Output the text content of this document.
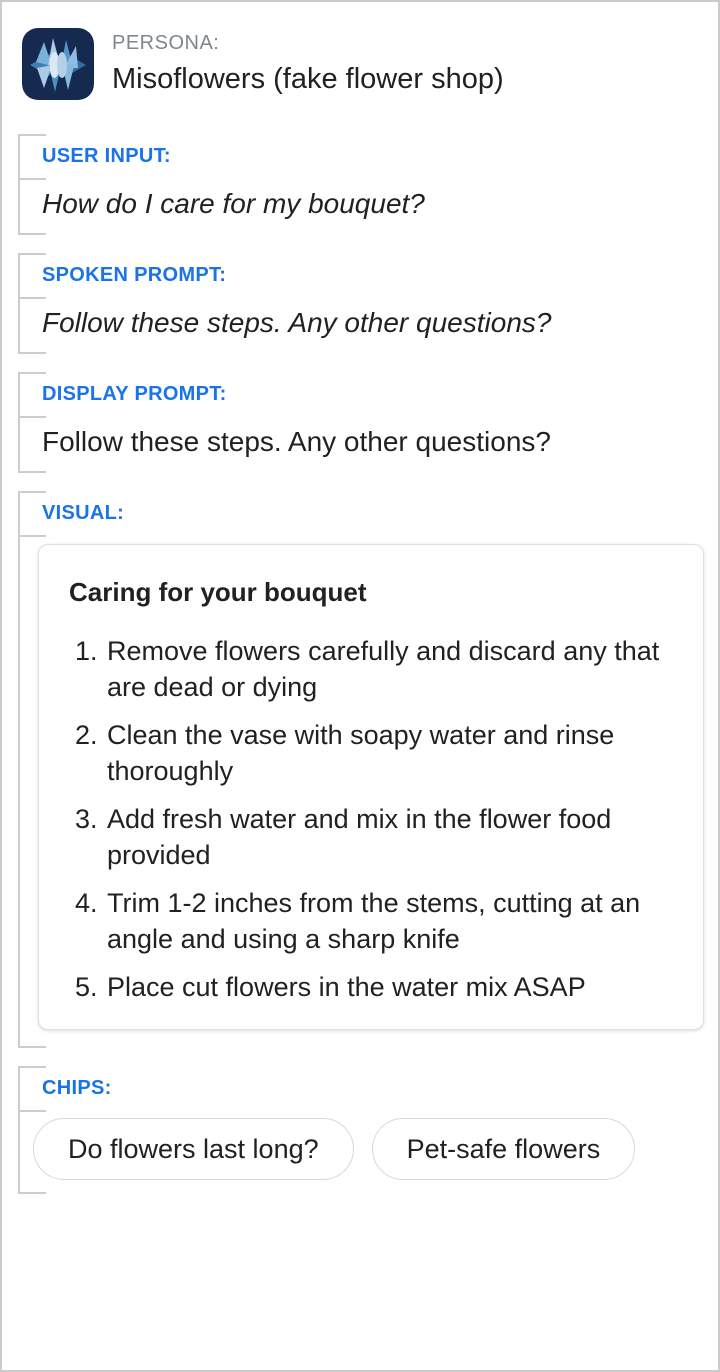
PERSONA:
Misoflowers (fake flower shop)
USER INPUT:
How do I care for my bouquet?
SPOKEN PROMPT:
Follow these steps. Any other questions?
DISPLAY PROMPT:
Follow these steps. Any other questions?
VISUAL:
Caring for your bouquet
1. Remove flowers carefully and discard any that are dead or dying
2. Clean the vase with soapy water and rinse thoroughly
3. Add fresh water and mix in the flower food provided
4. Trim 1-2 inches from the stems, cutting at an angle and using a sharp knife
5. Place cut flowers in the water mix ASAP
CHIPS:
Do flowers last long?	Pet-safe flowers
